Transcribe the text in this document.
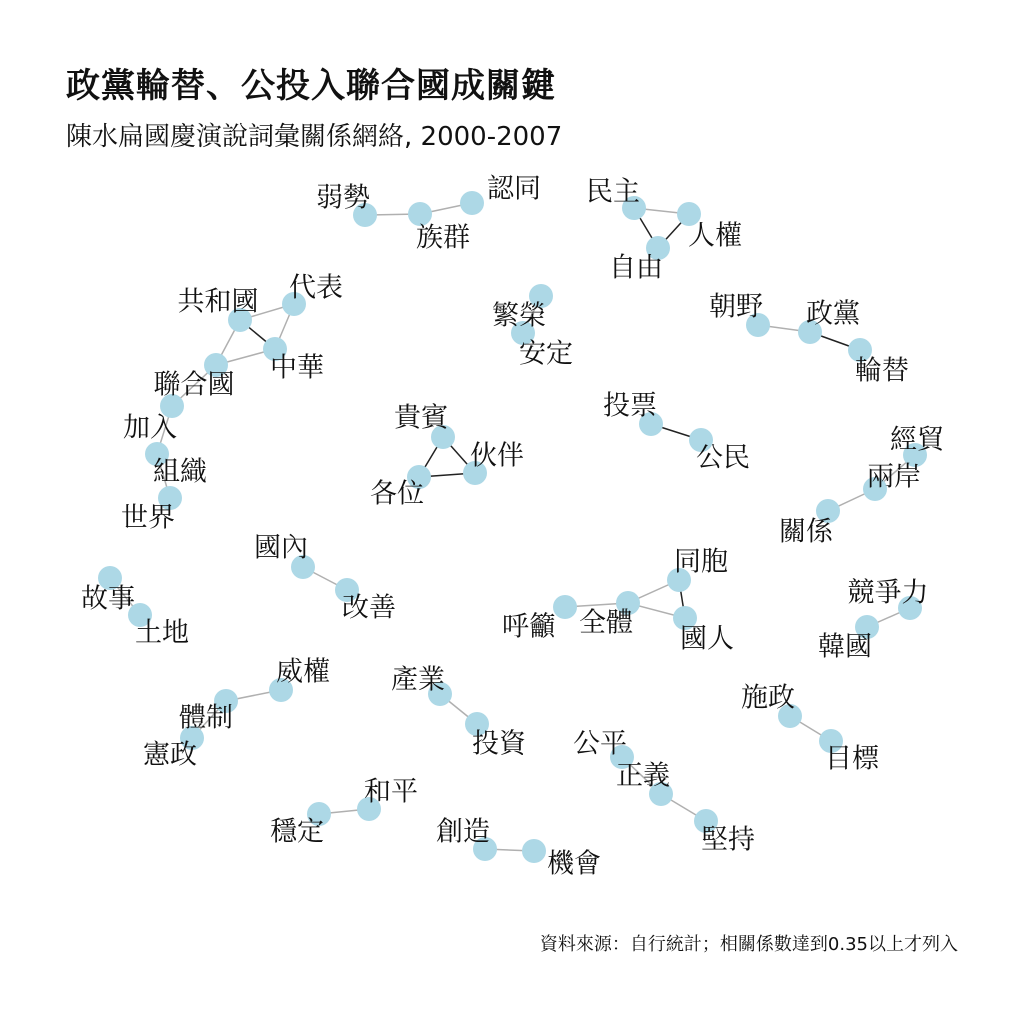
政黨輪替、公投入聯合國成關鍵
陳水扁國慶演說詞彙關係網絡, 2000-2007
弱勢
族群
認同 民主
人權
自由
共和國 代表
中華
聯合國
加入
組織
世界
繁榮
安定
朝野 政黨
輪替
貴賓
伙伴
各位
投票
公民
經貿
兩岸
關係
國內
改善
同胞
呼籲 全體
國人
故事
土地
競爭力
韓國
威權
體制
憲政
產業
投資
施政
目標
公平
正義
堅持
和平
穩定	創造
機會
資料來源：自行統計；相關係數達到0.35以上才列入
